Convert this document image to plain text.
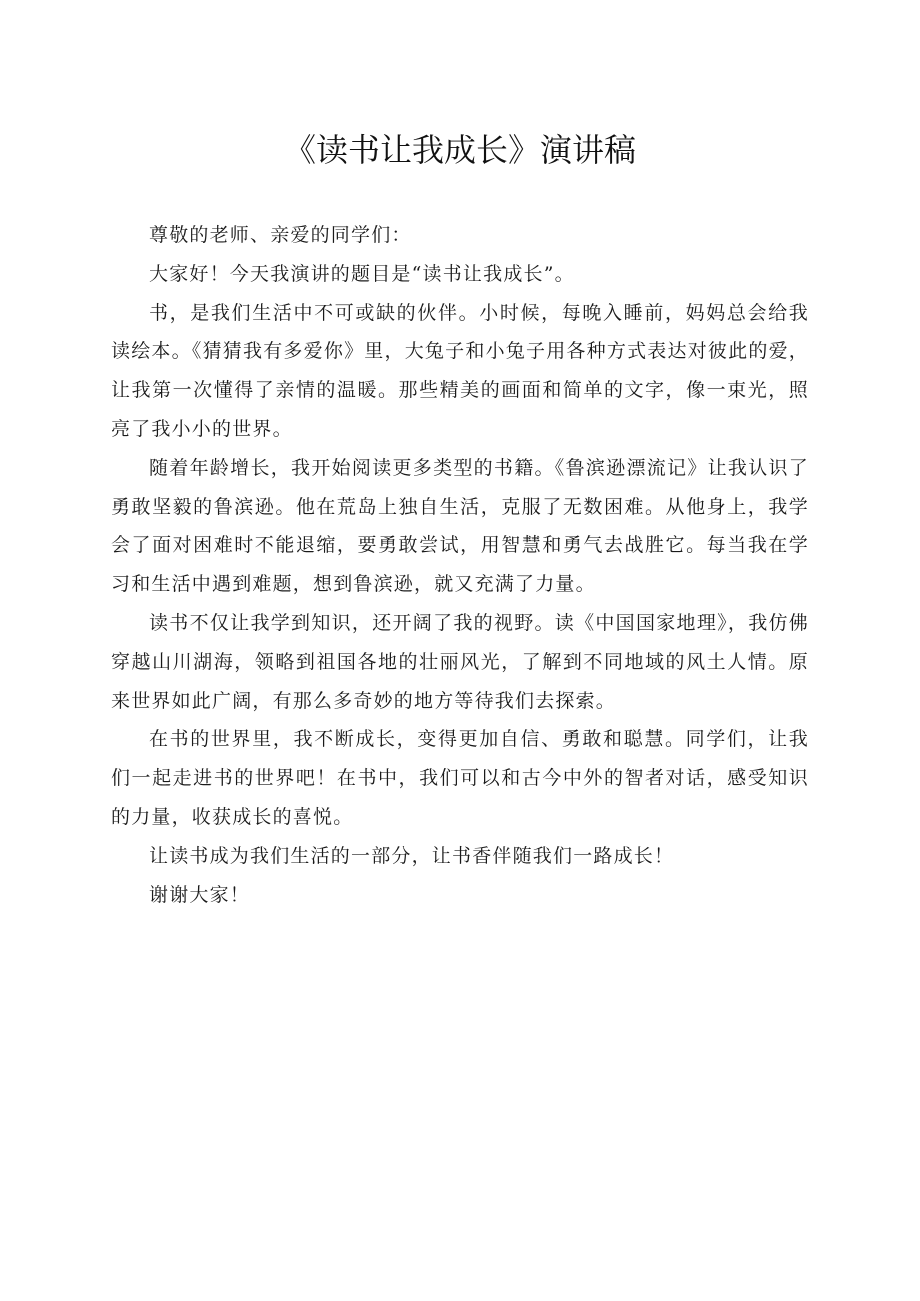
《读书让我成长》演讲稿

尊敬的老师、亲爱的同学们：

大家好！今天我演讲的题目是“读书让我成长”。

书，是我们生活中不可或缺的伙伴。小时候，每晚入睡前，妈妈总会给我读绘本。《猜猜我有多爱你》里，大兔子和小兔子用各种方式表达对彼此的爱，让我第一次懂得了亲情的温暖。那些精美的画面和简单的文字，像一束光，照亮了我小小的世界。

随着年龄增长，我开始阅读更多类型的书籍。《鲁滨逊漂流记》让我认识了勇敢坚毅的鲁滨逊。他在荒岛上独自生活，克服了无数困难。从他身上，我学会了面对困难时不能退缩，要勇敢尝试，用智慧和勇气去战胜它。每当我在学习和生活中遇到难题，想到鲁滨逊，就又充满了力量。

读书不仅让我学到知识，还开阔了我的视野。读《中国国家地理》，我仿佛穿越山川湖海，领略到祖国各地的壮丽风光，了解到不同地域的风土人情。原来世界如此广阔，有那么多奇妙的地方等待我们去探索。

在书的世界里，我不断成长，变得更加自信、勇敢和聪慧。同学们，让我们一起走进书的世界吧！在书中，我们可以和古今中外的智者对话，感受知识的力量，收获成长的喜悦。

让读书成为我们生活的一部分，让书香伴随我们一路成长！

谢谢大家！
